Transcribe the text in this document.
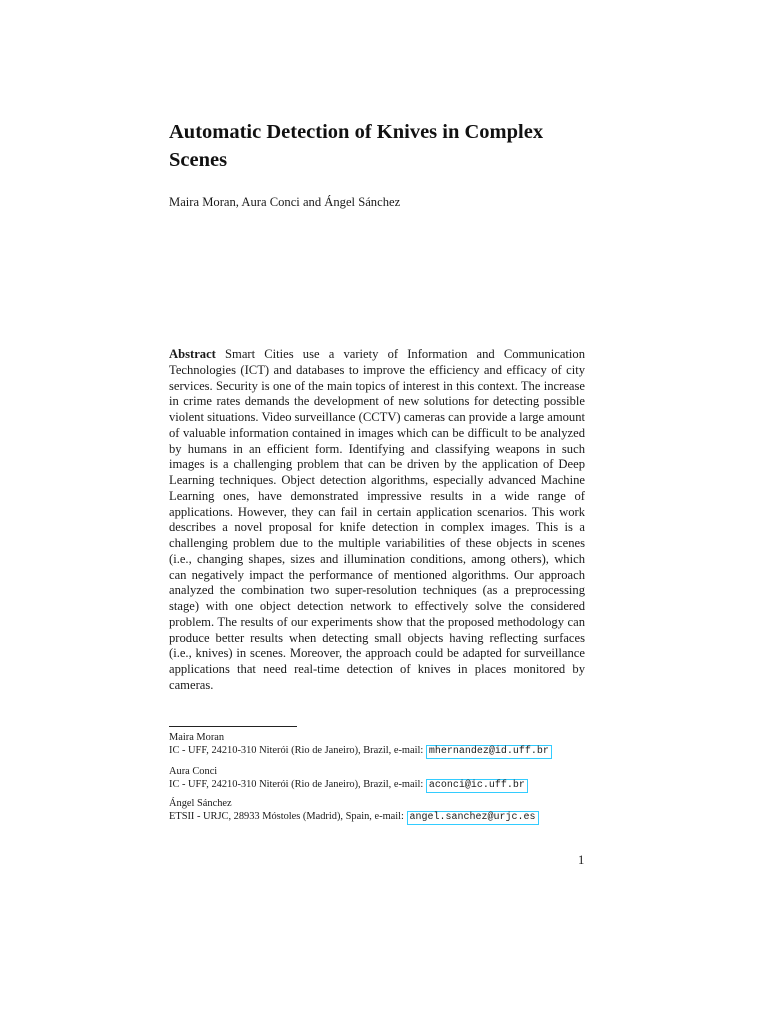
Automatic Detection of Knives in Complex Scenes

Maira Moran, Aura Conci and Ángel Sánchez

Abstract Smart Cities use a variety of Information and Communication Technologies (ICT) and databases to improve the efficiency and efficacy of city services. Security is one of the main topics of interest in this context. The increase in crime rates demands the development of new solutions for detecting possible violent situations. Video surveillance (CCTV) cameras can provide a large amount of valuable information contained in images which can be difficult to be analyzed by humans in an efficient form. Identifying and classifying weapons in such images is a challenging problem that can be driven by the application of Deep Learning techniques. Object detection algorithms, especially advanced Machine Learning ones, have demonstrated impressive results in a wide range of applications. However, they can fail in certain application scenarios. This work describes a novel proposal for knife detection in complex images. This is a challenging problem due to the multiple variabilities of these objects in scenes (i.e., changing shapes, sizes and illumination conditions, among others), which can negatively impact the performance of mentioned algorithms. Our approach analyzed the combination two super-resolution techniques (as a preprocessing stage) with one object detection network to effectively solve the considered problem. The results of our experiments show that the proposed methodology can produce better results when detecting small objects having reflecting surfaces (i.e., knives) in scenes. Moreover, the approach could be adapted for surveillance applications that need real-time detection of knives in places monitored by cameras.

Maira Moran
IC - UFF, 24210-310 Niterói (Rio de Janeiro), Brazil, e-mail: mhernandez@id.uff.br
Aura Conci
IC - UFF, 24210-310 Niterói (Rio de Janeiro), Brazil, e-mail: aconci@ic.uff.br
Ángel Sánchez
ETSII - URJC, 28933 Móstoles (Madrid), Spain, e-mail: angel.sanchez@urjc.es
1
